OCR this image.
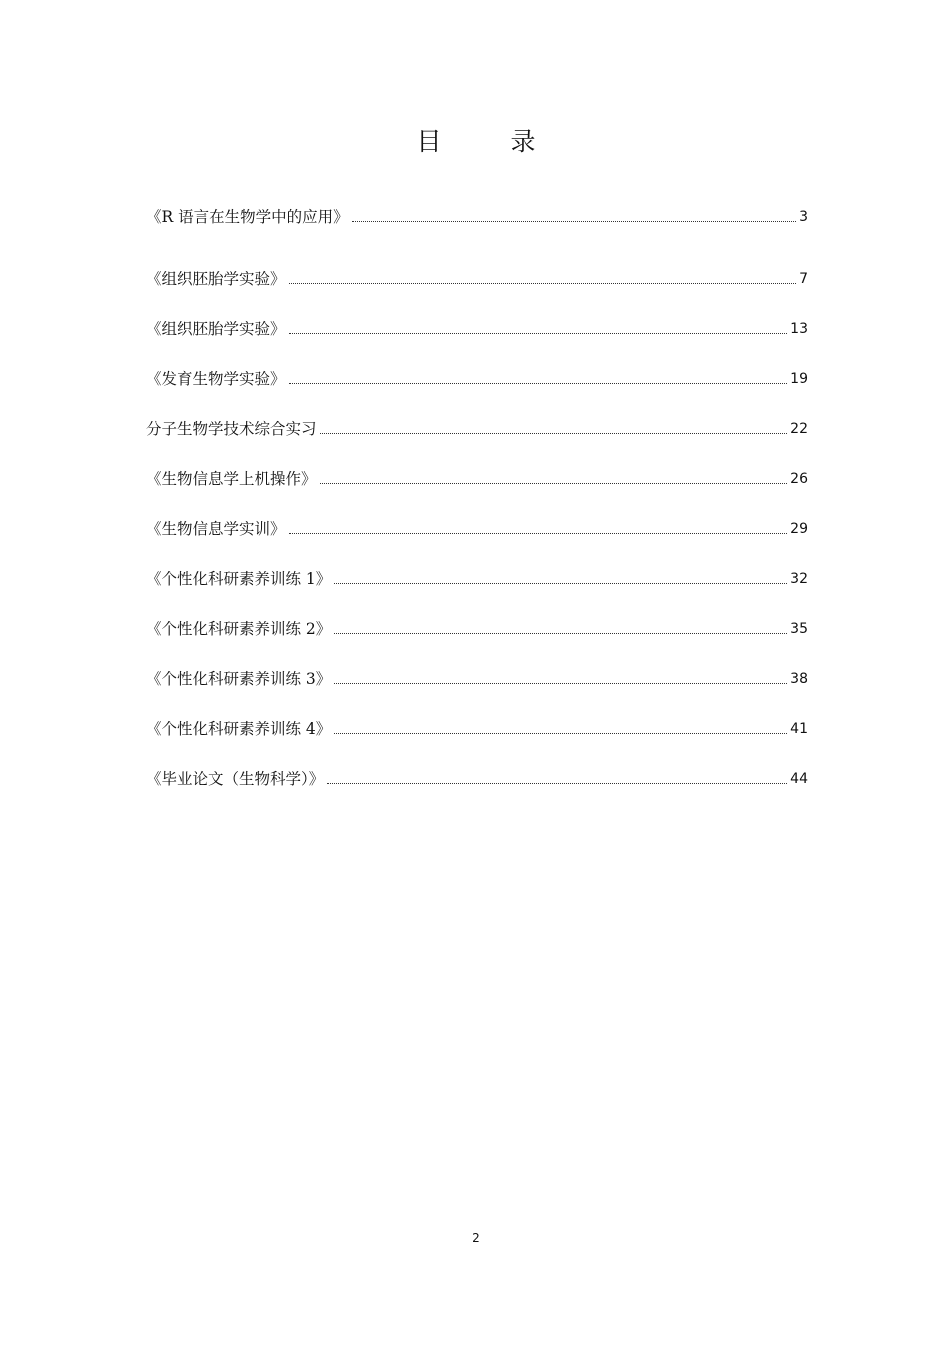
目　录
《R 语言在生物学中的应用》	3
《组织胚胎学实验》	7
《组织胚胎学实验》	13
《发育生物学实验》	19
分子生物学技术综合实习	22
《生物信息学上机操作》	26
《生物信息学实训》	29
《个性化科研素养训练 1》	32
《个性化科研素养训练 2》	35
《个性化科研素养训练 3》	38
《个性化科研素养训练 4》	41
《毕业论文（生物科学）》	44
2
